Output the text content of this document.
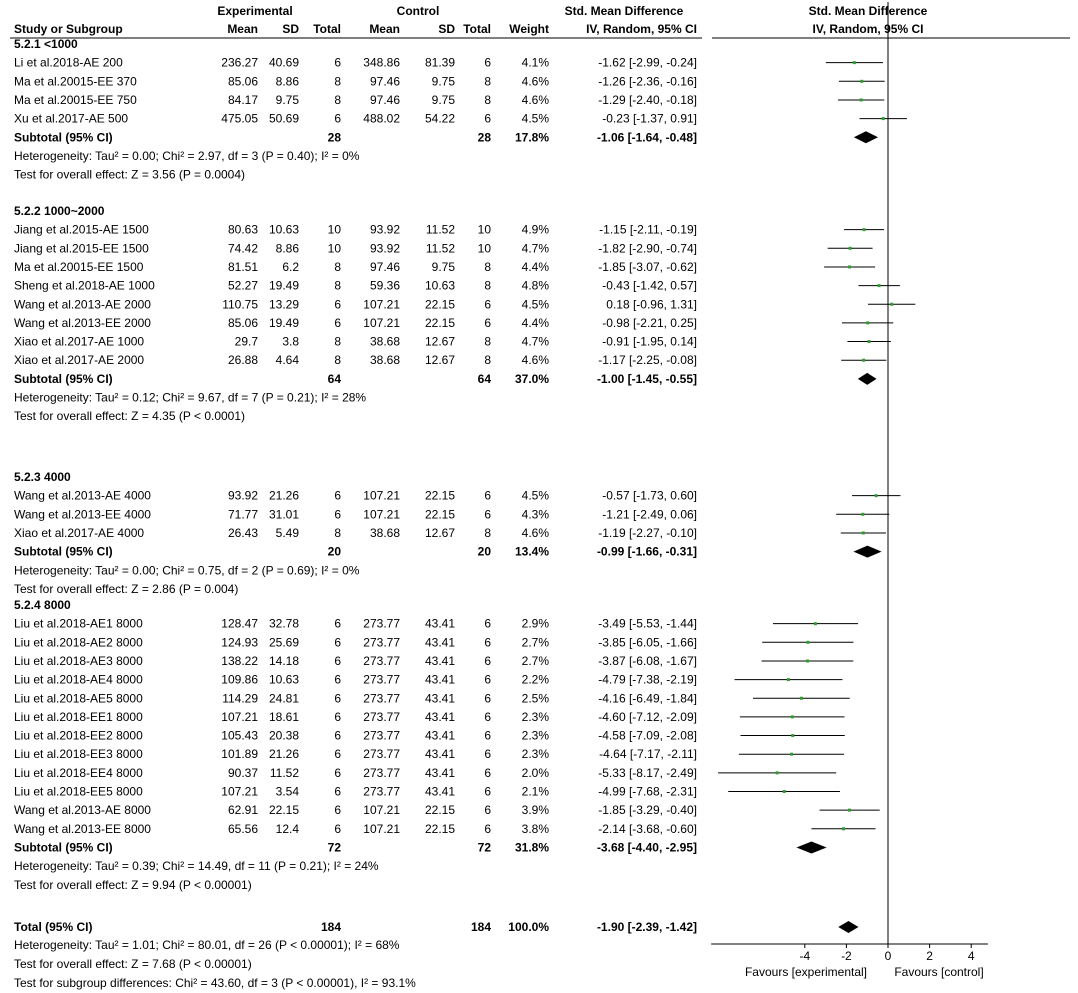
Experimental	Control	Std. Mean Difference	Std. Mean Difference
Study or Subgroup	Mean SD Total Mean	SD Total Weight	IV, Random, 95% CI	IV, Random, 95% CI
5.2.1 <1000
Li et al.2018-AE 200	236.27 40.69	6 348.86 81.39 6	4.1%	-1.62 [-2.99, -0.24]
Ma et al.20015-EE 370	85.06 8.86	8 97.46	9.75 8	4.6%	-1.26 [-2.36, -0.16]
Ma et al.20015-EE 750	84.17 9.75	8 97.46	9.75 8	4.6%	-1.29 [-2.40, -0.18]
Xu et al.2017-AE 500	475.05 50.69	6 488.02 54.22 6	4.5%	-0.23 [-1.37, 0.91]
Subtotal (95% CI)	28	28 17.8%	-1.06 [-1.64, -0.48]
Heterogeneity: Tau² = 0.00; Chi² = 2.97, df = 3 (P = 0.40); I² = 0%
Test for overall effect: Z = 3.56 (P = 0.0004)
5.2.2 1000~2000
Jiang et al.2015-AE 1500	80.63 10.63 10 93.92 11.52 10	4.9%	-1.15 [-2.11, -0.19]
Jiang et al.2015-EE 1500	74.42 8.86 10 93.92 11.52 10	4.7%	-1.82 [-2.90, -0.74]
Ma et al.20015-EE 1500	81.51 6.2	8 97.46	9.75 8	4.4%	-1.85 [-3.07, -0.62]
Sheng et al.2018-AE 1000	52.27 19.49	8 59.36 10.63 8	4.8%	-0.43 [-1.42, 0.57]
Wang et al.2013-AE 2000	110.75 13.29	6 107.21 22.15 6	4.5%	0.18 [-0.96, 1.31]
Wang et al.2013-EE 2000	85.06 19.49	6 107.21 22.15 6	4.4%	-0.98 [-2.21, 0.25]
Xiao et al.2017-AE 1000	29.7 3.8	8 38.68 12.67 8	4.7%	-0.91 [-1.95, 0.14]
Xiao et al.2017-AE 2000	26.88 4.64	8 38.68 12.67 8	4.6%	-1.17 [-2.25, -0.08]
Subtotal (95% CI)	64	64 37.0%	-1.00 [-1.45, -0.55]
Heterogeneity: Tau² = 0.12; Chi² = 9.67, df = 7 (P = 0.21); I² = 28%
Test for overall effect: Z = 4.35 (P < 0.0001)
5.2.3 4000
Wang et al.2013-AE 4000	93.92 21.26	6 107.21 22.15 6	4.5%	-0.57 [-1.73, 0.60]
Wang et al.2013-EE 4000	71.77 31.01	6 107.21 22.15 6	4.3%	-1.21 [-2.49, 0.06]
Xiao et al.2017-AE 4000	26.43 5.49	8 38.68 12.67 8	4.6%	-1.19 [-2.27, -0.10]
Subtotal (95% CI)	20	20 13.4%	-0.99 [-1.66, -0.31]
Heterogeneity: Tau² = 0.00; Chi² = 0.75, df = 2 (P = 0.69); I² = 0%
Test for overall effect: Z = 2.86 (P = 0.004)
5.2.4 8000
Liu et al.2018-AE1 8000	128.47 32.78	6 273.77 43.41 6	2.9%	-3.49 [-5.53, -1.44]
Liu et al.2018-AE2 8000	124.93 25.69	6 273.77 43.41 6	2.7%	-3.85 [-6.05, -1.66]
Liu et al.2018-AE3 8000	138.22 14.18	6 273.77 43.41 6	2.7%	-3.87 [-6.08, -1.67]
Liu et al.2018-AE4 8000	109.86 10.63	6 273.77 43.41 6	2.2%	-4.79 [-7.38, -2.19]
Liu et al.2018-AE5 8000	114.29 24.81	6 273.77 43.41 6	2.5%	-4.16 [-6.49, -1.84]
Liu et al.2018-EE1 8000	107.21 18.61	6 273.77 43.41 6	2.3%	-4.60 [-7.12, -2.09]
Liu et al.2018-EE2 8000	105.43 20.38	6 273.77 43.41 6	2.3%	-4.58 [-7.09, -2.08]
Liu et al.2018-EE3 8000	101.89 21.26	6 273.77 43.41 6	2.3%	-4.64 [-7.17, -2.11]
Liu et al.2018-EE4 8000	90.37 11.52	6 273.77 43.41 6	2.0%	-5.33 [-8.17, -2.49]
Liu et al.2018-EE5 8000	107.21 3.54	6 273.77 43.41 6	2.1%	-4.99 [-7.68, -2.31]
Wang et al.2013-AE 8000	62.91 22.15	6 107.21 22.15 6	3.9%	-1.85 [-3.29, -0.40]
Wang et al.2013-EE 8000	65.56 12.4	6 107.21 22.15 6	3.8%	-2.14 [-3.68, -0.60]
Subtotal (95% CI)	72	72 31.8%	-3.68 [-4.40, -2.95]
Heterogeneity: Tau² = 0.39; Chi² = 14.49, df = 11 (P = 0.21); I² = 24%
Test for overall effect: Z = 9.94 (P < 0.00001)
Total (95% CI)	184	184 100.0%	-1.90 [-2.39, -1.42]
Heterogeneity: Tau² = 1.01; Chi² = 80.01, df = 26 (P < 0.00001); I² = 68%
Test for overall effect: Z = 7.68 (P < 0.00001)
Test for subgroup differences: Chi² = 43.60, df = 3 (P < 0.00001), I² = 93.1%
-4	-2	0	2	4
Favours [experimental] Favours [control]
